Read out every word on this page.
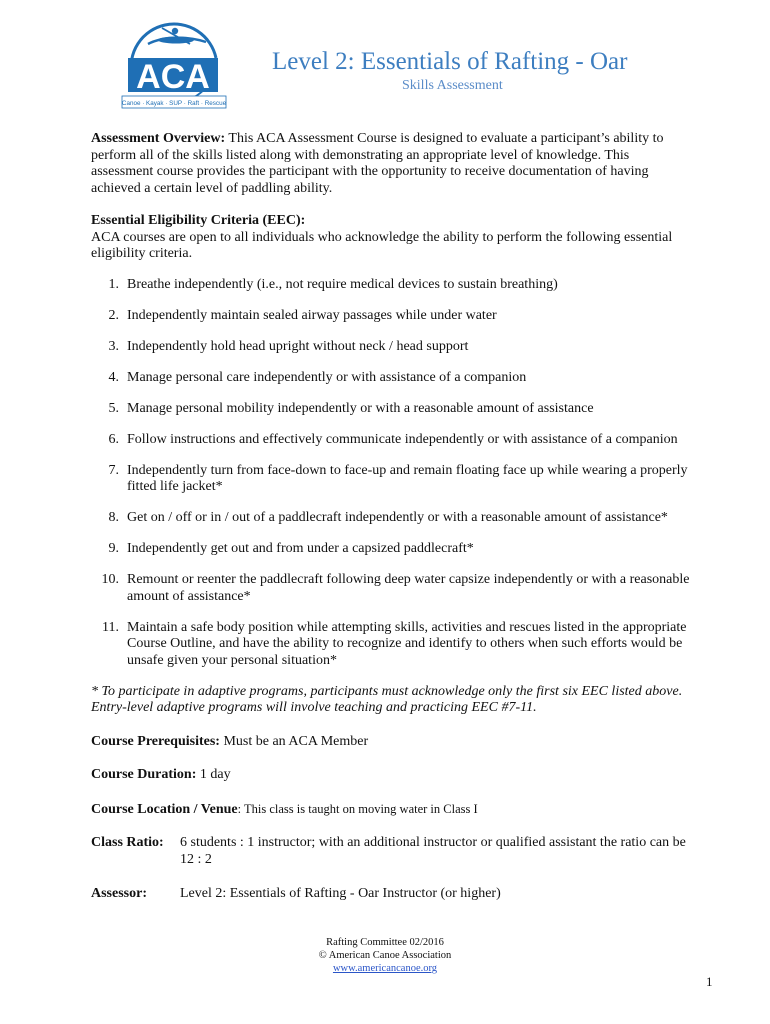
ACA
Canoe · Kayak · SUP · Raft · Rescue
Level 2: Essentials of Rafting - Oar
Skills Assessment

Assessment Overview: This ACA Assessment Course is designed to evaluate a participant’s ability to perform all of the skills listed along with demonstrating an appropriate level of knowledge. This assessment course provides the participant with the opportunity to receive documentation of having achieved a certain level of paddling ability.

Essential Eligibility Criteria (EEC):

ACA courses are open to all individuals who acknowledge the ability to perform the following essential eligibility criteria.

1. Breathe independently (i.e., not require medical devices to sustain breathing)
2. Independently maintain sealed airway passages while under water
3. Independently hold head upright without neck / head support
4. Manage personal care independently or with assistance of a companion
5. Manage personal mobility independently or with a reasonable amount of assistance
6. Follow instructions and effectively communicate independently or with assistance of a companion
7. Independently turn from face-down to face-up and remain floating face up while wearing a properly fitted life jacket*
8. Get on / off or in / out of a paddlecraft independently or with a reasonable amount of assistance*
9. Independently get out and from under a capsized paddlecraft*
10. Remount or reenter the paddlecraft following deep water capsize independently or with a reasonable amount of assistance*
11. Maintain a safe body position while attempting skills, activities and rescues listed in the appropriate Course Outline, and have the ability to recognize and identify to others when such efforts would be unsafe given your personal situation*

* To participate in adaptive programs, participants must acknowledge only the first six EEC listed above. Entry-level adaptive programs will involve teaching and practicing EEC #7-11.

Course Prerequisites: Must be an ACA Member

Course Duration: 1 day

Course Location / Venue: This class is taught on moving water in Class I

Class Ratio:	6 students : 1 instructor; with an additional instructor or qualified assistant the ratio can be 12 : 2
Assessor:	Level 2: Essentials of Rafting - Oar Instructor (or higher)
Rafting Committee 02/2016
© American Canoe Association
www.americancanoe.org
1
